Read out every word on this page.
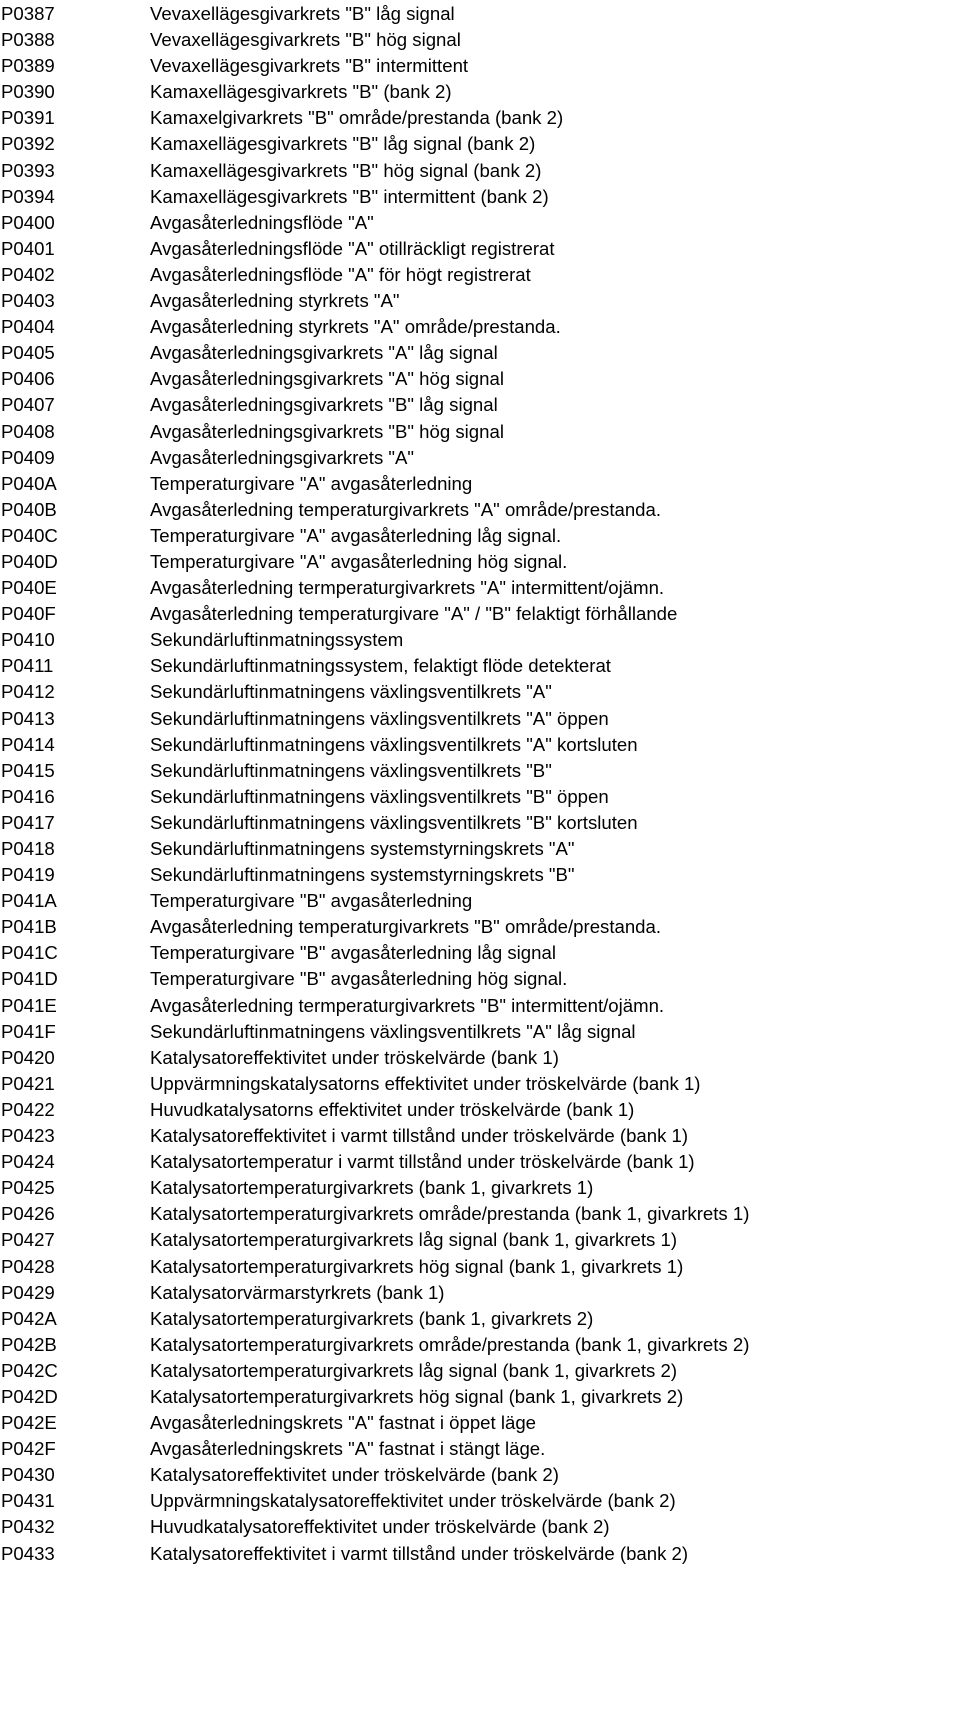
P0387	Vevaxellägesgivarkrets "B" låg signal
P0388	Vevaxellägesgivarkrets "B" hög signal
P0389	Vevaxellägesgivarkrets "B" intermittent
P0390	Kamaxellägesgivarkrets "B" (bank 2)
P0391	Kamaxelgivarkrets "B" område/prestanda (bank 2)
P0392	Kamaxellägesgivarkrets "B" låg signal (bank 2)
P0393	Kamaxellägesgivarkrets "B" hög signal (bank 2)
P0394	Kamaxellägesgivarkrets "B" intermittent (bank 2)
P0400	Avgasåterledningsflöde "A"
P0401	Avgasåterledningsflöde "A" otillräckligt registrerat
P0402	Avgasåterledningsflöde "A" för högt registrerat
P0403	Avgasåterledning styrkrets "A"
P0404	Avgasåterledning styrkrets "A" område/prestanda.
P0405	Avgasåterledningsgivarkrets "A" låg signal
P0406	Avgasåterledningsgivarkrets "A" hög signal
P0407	Avgasåterledningsgivarkrets "B" låg signal
P0408	Avgasåterledningsgivarkrets "B" hög signal
P0409	Avgasåterledningsgivarkrets "A"
P040A	Temperaturgivare "A" avgasåterledning
P040B	Avgasåterledning temperaturgivarkrets "A" område/prestanda.
P040C	Temperaturgivare "A" avgasåterledning låg signal.
P040D	Temperaturgivare "A" avgasåterledning hög signal.
P040E	Avgasåterledning termperaturgivarkrets "A" intermittent/ojämn.
P040F	Avgasåterledning temperaturgivare "A" / "B" felaktigt förhållande
P0410	Sekundärluftinmatningssystem
P0411	Sekundärluftinmatningssystem, felaktigt flöde detekterat
P0412	Sekundärluftinmatningens växlingsventilkrets "A"
P0413	Sekundärluftinmatningens växlingsventilkrets "A" öppen
P0414	Sekundärluftinmatningens växlingsventilkrets "A" kortsluten
P0415	Sekundärluftinmatningens växlingsventilkrets "B"
P0416	Sekundärluftinmatningens växlingsventilkrets "B" öppen
P0417	Sekundärluftinmatningens växlingsventilkrets "B" kortsluten
P0418	Sekundärluftinmatningens systemstyrningskrets "A"
P0419	Sekundärluftinmatningens systemstyrningskrets "B"
P041A	Temperaturgivare "B" avgasåterledning
P041B	Avgasåterledning temperaturgivarkrets "B" område/prestanda.
P041C	Temperaturgivare "B" avgasåterledning låg signal
P041D	Temperaturgivare "B" avgasåterledning hög signal.
P041E	Avgasåterledning termperaturgivarkrets "B" intermittent/ojämn.
P041F	Sekundärluftinmatningens växlingsventilkrets "A" låg signal
P0420	Katalysatoreffektivitet under tröskelvärde (bank 1)
P0421	Uppvärmningskatalysatorns effektivitet under tröskelvärde (bank 1)
P0422	Huvudkatalysatorns effektivitet under tröskelvärde (bank 1)
P0423	Katalysatoreffektivitet i varmt tillstånd under tröskelvärde (bank 1)
P0424	Katalysatortemperatur i varmt tillstånd under tröskelvärde (bank 1)
P0425	Katalysatortemperaturgivarkrets (bank 1, givarkrets 1)
P0426	Katalysatortemperaturgivarkrets område/prestanda (bank 1, givarkrets 1)
P0427	Katalysatortemperaturgivarkrets låg signal (bank 1, givarkrets 1)
P0428	Katalysatortemperaturgivarkrets hög signal (bank 1, givarkrets 1)
P0429	Katalysatorvärmarstyrkrets (bank 1)
P042A	Katalysatortemperaturgivarkrets (bank 1, givarkrets 2)
P042B	Katalysatortemperaturgivarkrets område/prestanda (bank 1, givarkrets 2)
P042C	Katalysatortemperaturgivarkrets låg signal (bank 1, givarkrets 2)
P042D	Katalysatortemperaturgivarkrets hög signal (bank 1, givarkrets 2)
P042E	Avgasåterledningskrets "A" fastnat i öppet läge
P042F	Avgasåterledningskrets "A" fastnat i stängt läge.
P0430	Katalysatoreffektivitet under tröskelvärde (bank 2)
P0431	Uppvärmningskatalysatoreffektivitet under tröskelvärde (bank 2)
P0432	Huvudkatalysatoreffektivitet under tröskelvärde (bank 2)
P0433	Katalysatoreffektivitet i varmt tillstånd under tröskelvärde (bank 2)
